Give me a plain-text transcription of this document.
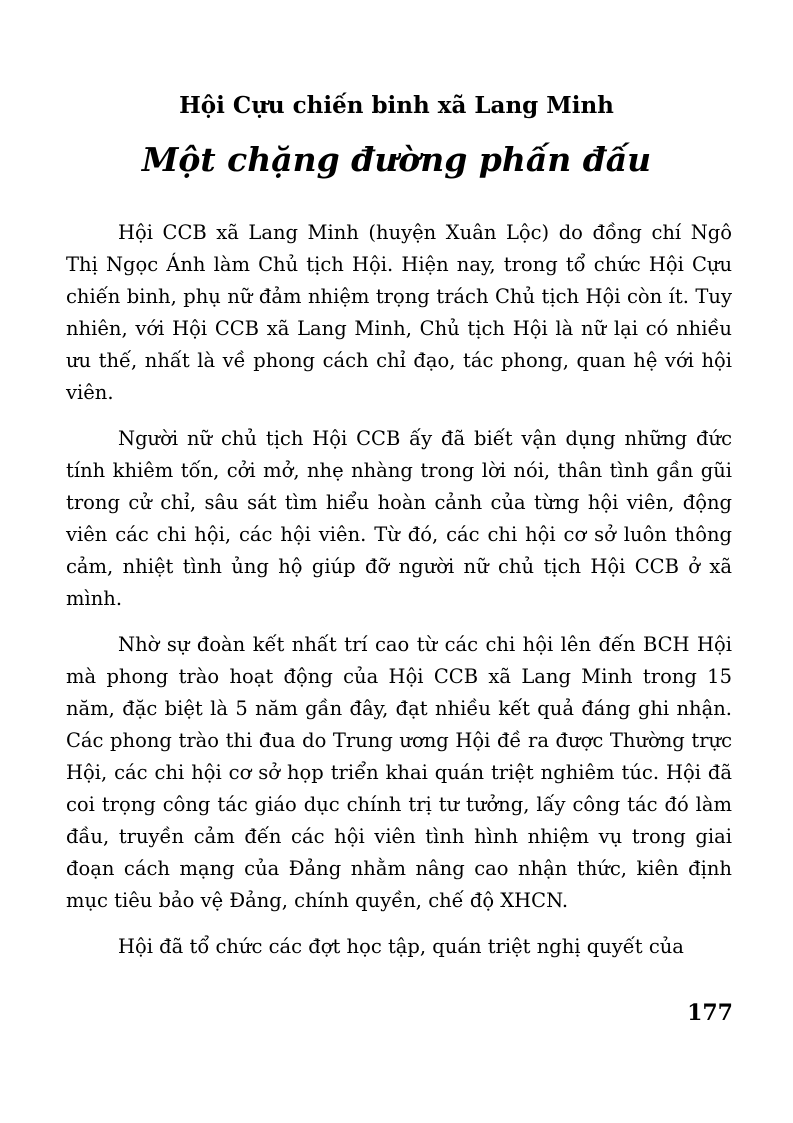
Hội Cựu chiến binh xã Lang Minh
Một chặng đường phấn đấu

Hội CCB xã Lang Minh (huyện Xuân Lộc) do đồng chí Ngô Thị Ngọc Ánh làm Chủ tịch Hội. Hiện nay, trong tổ chức Hội Cựu chiến binh, phụ nữ đảm nhiệm trọng trách Chủ tịch Hội còn ít. Tuy nhiên, với Hội CCB xã Lang Minh, Chủ tịch Hội là nữ lại có nhiều ưu thế, nhất là về phong cách chỉ đạo, tác phong, quan hệ với hội viên.

Người nữ chủ tịch Hội CCB ấy đã biết vận dụng những đức tính khiêm tốn, cởi mở, nhẹ nhàng trong lời nói, thân tình gần gũi trong cử chỉ, sâu sát tìm hiểu hoàn cảnh của từng hội viên, động viên các chi hội, các hội viên. Từ đó, các chi hội cơ sở luôn thông cảm, nhiệt tình ủng hộ giúp đỡ người nữ chủ tịch Hội CCB ở xã mình.

Nhờ sự đoàn kết nhất trí cao từ các chi hội lên đến BCH Hội mà phong trào hoạt động của Hội CCB xã Lang Minh trong 15 năm, đặc biệt là 5 năm gần đây, đạt nhiều kết quả đáng ghi nhận. Các phong trào thi đua do Trung ương Hội đề ra được Thường trực Hội, các chi hội cơ sở họp triển khai quán triệt nghiêm túc. Hội đã coi trọng công tác giáo dục chính trị tư tưởng, lấy công tác đó làm đầu, truyền cảm đến các hội viên tình hình nhiệm vụ trong giai đoạn cách mạng của Đảng nhằm nâng cao nhận thức, kiên định mục tiêu bảo vệ Đảng, chính quyền, chế độ XHCN.

Hội đã tổ chức các đợt học tập, quán triệt nghị quyết của

177
